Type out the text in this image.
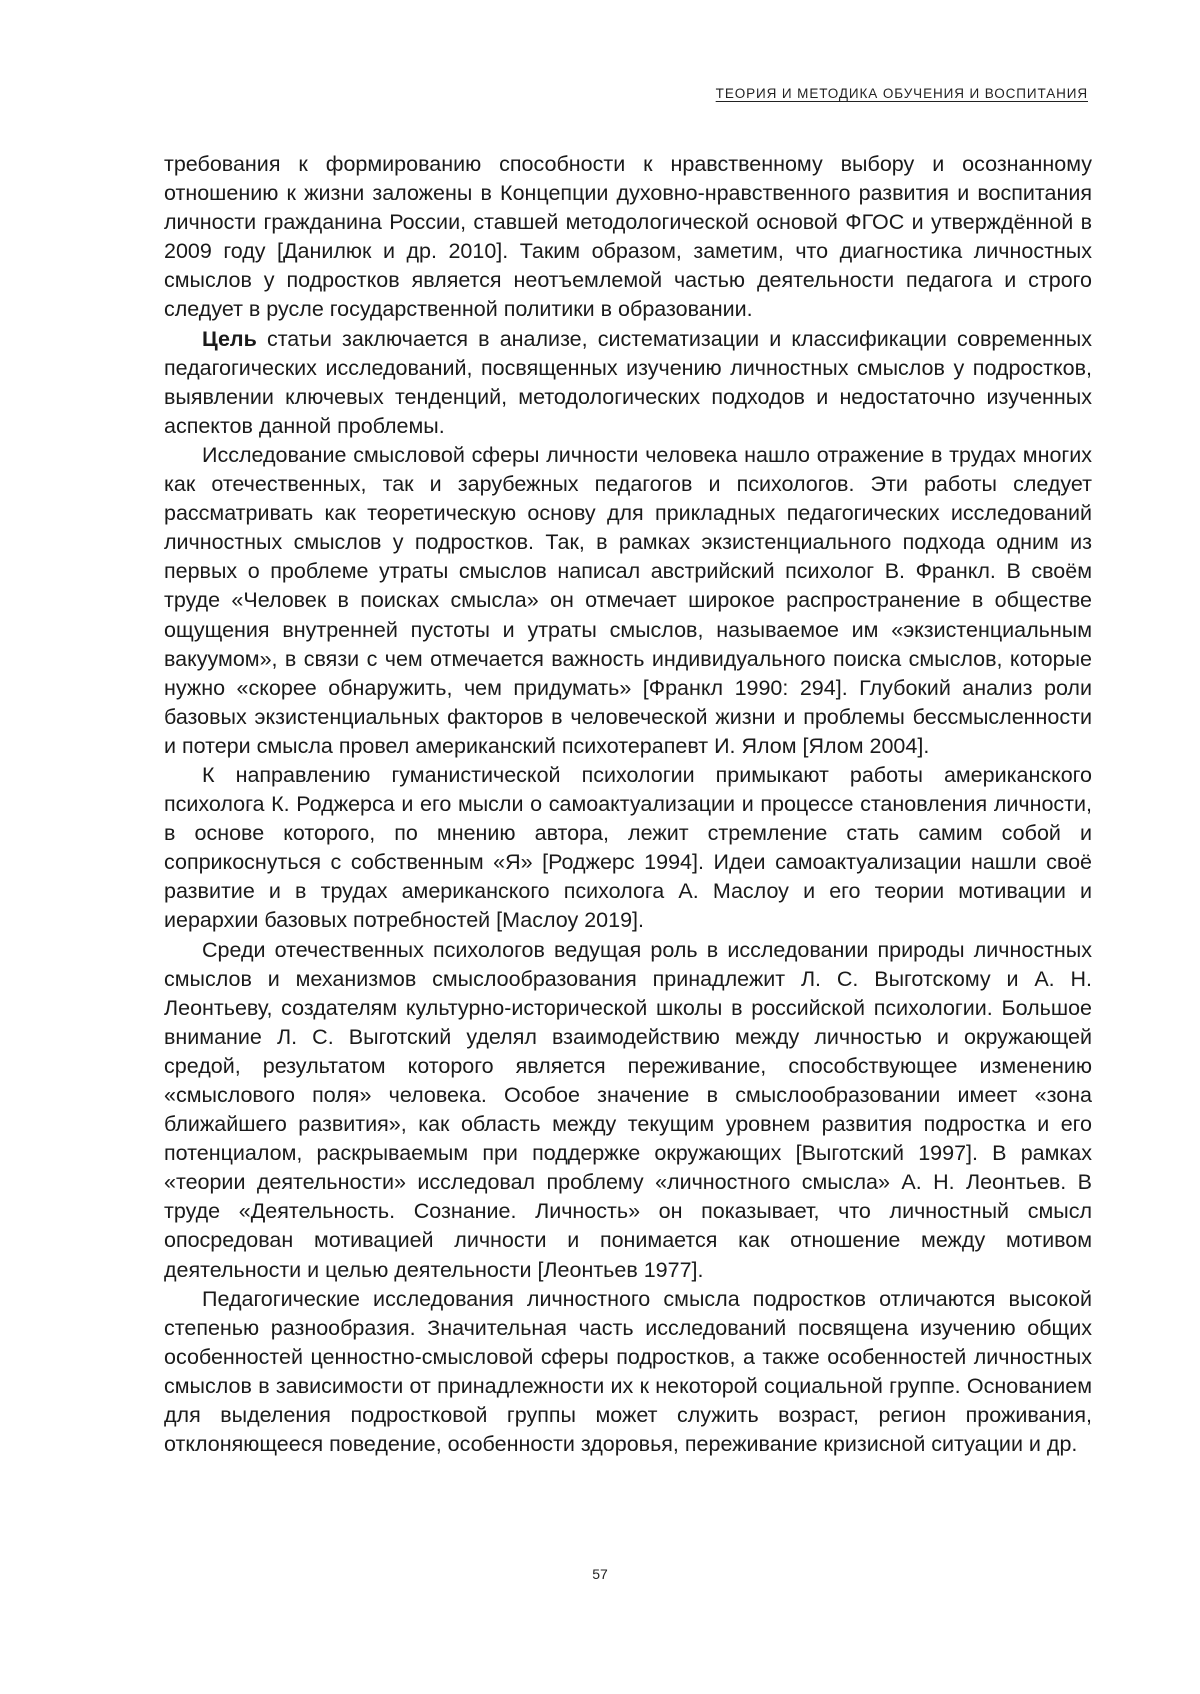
ТЕОРИЯ И МЕТОДИКА ОБУЧЕНИЯ И ВОСПИТАНИЯ

требования к формированию способности к нравственному выбору и осознанному отношению к жизни заложены в Концепции духовно-нравственного развития и воспитания личности гражданина России, ставшей методологической основой ФГОС и утверждённой в 2009 году [Данилюк и др. 2010]. Таким образом, заметим, что диагностика личностных смыслов у подростков является неотъемлемой частью деятельности педагога и строго следует в русле государственной политики в образовании.

Цель статьи заключается в анализе, систематизации и классификации современных педагогических исследований, посвященных изучению личностных смыслов у подростков, выявлении ключевых тенденций, методологических подходов и недостаточно изученных аспектов данной проблемы.

Исследование смысловой сферы личности человека нашло отражение в трудах многих как отечественных, так и зарубежных педагогов и психологов. Эти работы следует рассматривать как теоретическую основу для прикладных педагогических исследований личностных смыслов у подростков. Так, в рамках экзистенциального подхода одним из первых о проблеме утраты смыслов написал австрийский психолог В. Франкл. В своём труде «Человек в поисках смысла» он отмечает широкое распространение в обществе ощущения внутренней пустоты и утраты смыслов, называемое им «экзистенциальным вакуумом», в связи с чем отмечается важность индивидуального поиска смыслов, которые нужно «скорее обнаружить, чем придумать» [Франкл 1990: 294]. Глубокий анализ роли базовых экзистенциальных факторов в человеческой жизни и проблемы бессмысленности и потери смысла провел американский психотерапевт И. Ялом [Ялом 2004].

К направлению гуманистической психологии примыкают работы американского психолога К. Роджерса и его мысли о самоактуализации и процессе становления личности, в основе которого, по мнению автора, лежит стремление стать самим собой и соприкоснуться с собственным «Я» [Роджерс 1994]. Идеи самоактуализации нашли своё развитие и в трудах американского психолога А. Маслоу и его теории мотивации и иерархии базовых потребностей [Маслоу 2019].

Среди отечественных психологов ведущая роль в исследовании природы личностных смыслов и механизмов смыслообразования принадлежит Л. С. Выготскому и А. Н. Леонтьеву, создателям культурно-исторической школы в российской психологии. Большое внимание Л. С. Выготский уделял взаимодействию между личностью и окружающей средой, результатом которого является переживание, способствующее изменению «смыслового поля» человека. Особое значение в смыслообразовании имеет «зона ближайшего развития», как область между текущим уровнем развития подростка и его потенциалом, раскрываемым при поддержке окружающих [Выготский 1997]. В рамках «теории деятельности» исследовал проблему «личностного смысла» А. Н. Леонтьев. В труде «Деятельность. Сознание. Личность» он показывает, что личностный смысл опосредован мотивацией личности и понимается как отношение между мотивом деятельности и целью деятельности [Леонтьев 1977].

Педагогические исследования личностного смысла подростков отличаются высокой степенью разнообразия. Значительная часть исследований посвящена изучению общих особенностей ценностно-смысловой сферы подростков, а также особенностей личностных смыслов в зависимости от принадлежности их к некоторой социальной группе. Основанием для выделения подростковой группы может служить возраст, регион проживания, отклоняющееся поведение, особенности здоровья, переживание кризисной ситуации и др.

57
